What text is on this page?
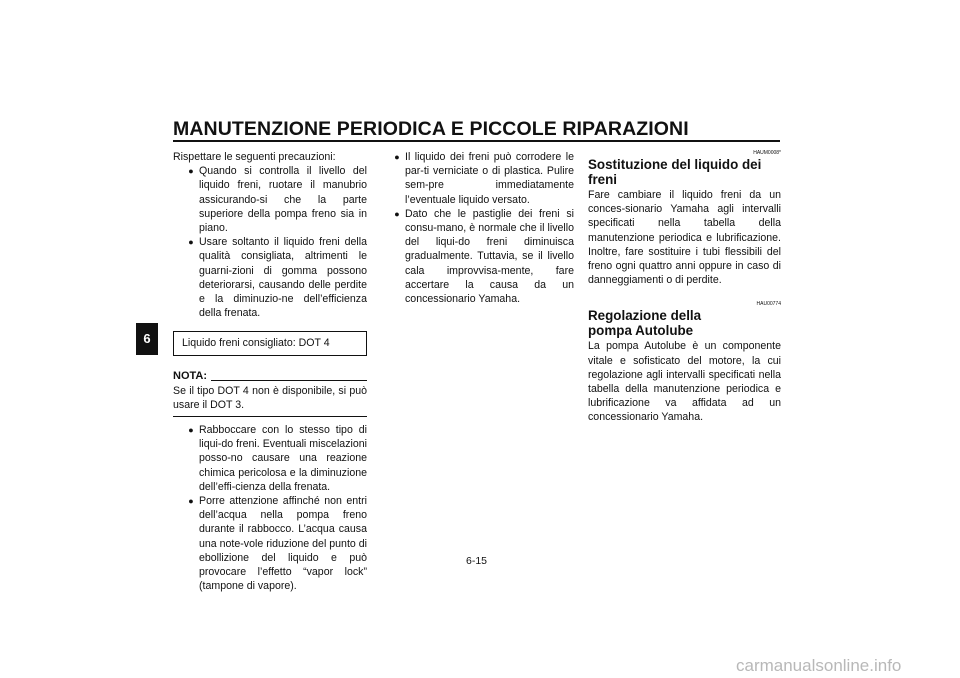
MANUTENZIONE PERIODICA E PICCOLE RIPARAZIONI
6

Rispettare le seguenti precauzioni:

● Quando si controlla il livello del liquido freni, ruotare il manubrio assicurando-si che la parte superiore della pompa freno sia in piano.
● Usare soltanto il liquido freni della qualità consigliata, altrimenti le guarni-zioni di gomma possono deteriorarsi, causando delle perdite e la diminuzio-ne dell’efficienza della frenata.
Liquido freni consigliato: DOT 4
NOTA:

Se il tipo DOT 4 non è disponibile, si può usare il DOT 3.

● Rabboccare con lo stesso tipo di liqui-do freni. Eventuali miscelazioni posso-no causare una reazione chimica pericolosa e la diminuzione dell’effi-cienza della frenata.
● Porre attenzione affinché non entri dell’acqua nella pompa freno durante il rabbocco. L’acqua causa una note-vole riduzione del punto di ebollizione del liquido e può provocare l’effetto “vapor lock” (tampone di vapore).
● Il liquido dei freni può corrodere le par-ti verniciate o di plastica. Pulire sem-pre immediatamente l’eventuale liquido versato.
● Dato che le pastiglie dei freni si consu-mano, è normale che il livello del liqui-do freni diminuisca gradualmente. Tuttavia, se il livello cala improvvisa-mente, fare accertare la causa da un concessionario Yamaha.
HAUM0008*
Sostituzione del liquido dei freni

Fare cambiare il liquido freni da un conces-sionario Yamaha agli intervalli specificati nella tabella della manutenzione periodica e lubrificazione. Inoltre, fare sostituire i tubi flessibili del freno ogni quattro anni oppure in caso di danneggiamenti o di perdite.

HAU00774
Regolazione della pompa Autolube

La pompa Autolube è un componente vitale e sofisticato del motore, la cui regolazione agli intervalli specificati nella tabella della manutenzione periodica e lubrificazione va affidata ad un concessionario Yamaha.

6-15
carmanualsonline.info
